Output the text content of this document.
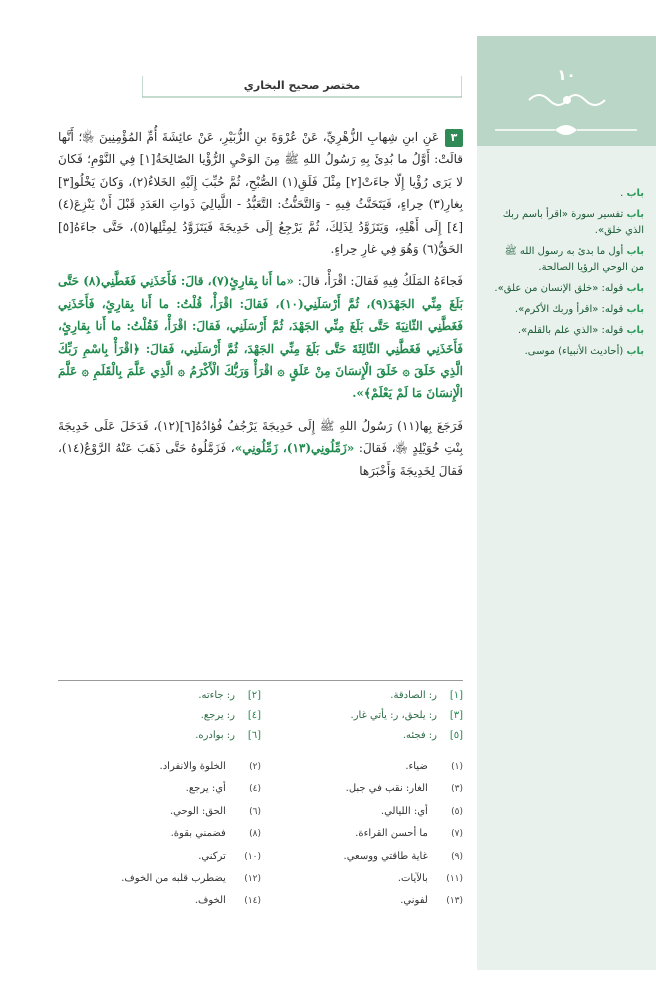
١٠
باب .
باب تفسير سورة «اقرأ باسم ربك الذي خلق».
باب أول ما بدئ به رسول الله ﷺ من الوحي الرؤيا الصالحة.
باب قوله: «خلق الإنسان من علق».
باب قوله: «اقرأ وربك الأكرم».
باب قوله: «الذي علم بالقلم».
باب (أحاديث الأنبياء) موسى.
مختصر صحيح البخاري

٣عَنِ ابنِ شِهابِ الزُّهْرِيِّ، عَنْ عُرْوَةَ بنِ الزُّبَيْرِ، عَنْ عائِشَةَ أُمِّ المُؤْمِنِينَ ﵂؛ أَنَّها قالَتْ: أَوَّلُ ما بُدِئَ بِهِ رَسُولُ اللهِ ﷺ مِنَ الوَحْيِ الرُّؤْيا الصّالِحَةُ[١] فِي النَّوْمِ؛ فَكانَ لا يَرَى رُؤْيا إِلّا جاءَتْ[٢] مِثْلَ فَلَقِ(١) الصُّبْحِ، ثُمَّ حُبِّبَ إِلَيْهِ الخَلاءُ(٢)، وَكانَ يَخْلُو[٣] بِغارِ(٣) حِراءٍ، فَيَتَحَنَّثُ فِيهِ - وَالتَّحَنُّثُ: التَّعَبُّدُ - اللَّيالِيَ ذَواتِ العَدَدِ قَبْلَ أَنْ يَنْزِعَ(٤)[٤] إِلَى أَهْلِهِ، وَيَتَزَوَّدُ لِذَلِكَ، ثُمَّ يَرْجِعُ إِلَى خَدِيجَةَ فَيَتَزَوَّدُ لِمِثْلِها(٥)، حَتَّى جاءَهُ[٥] الحَقُّ(٦) وَهُوَ فِي غارِ حِراءٍ.

فَجاءَهُ المَلَكُ فِيهِ فَقالَ: اقْرَأْ، قالَ: «ما أَنا بِقارِئٍ(٧)، قالَ: فَأَخَذَنِي فَغَطَّنِي(٨) حَتَّى بَلَغَ مِنِّي الجَهْدَ(٩)، ثُمَّ أَرْسَلَنِي(١٠)، فَقالَ: اقْرَأْ، قُلْتُ: ما أَنا بِقارِئٍ، فَأَخَذَنِي فَغَطَّنِي الثّانِيَةَ حَتَّى بَلَغَ مِنِّي الجَهْدَ، ثُمَّ أَرْسَلَنِي، فَقالَ: اقْرَأْ، فَقُلْتُ: ما أَنا بِقارِئٍ، فَأَخَذَنِي فَغَطَّنِي الثّالِثَةَ حَتَّى بَلَغَ مِنِّي الجَهْدَ، ثُمَّ أَرْسَلَنِي، فَقالَ: ﴿اقْرَأْ بِاسْمِ رَبِّكَ الَّذِي خَلَقَ ۞ خَلَقَ الْإِنسَانَ مِنْ عَلَقٍ ۞ اقْرَأْ وَرَبُّكَ الْأَكْرَمُ ۞ الَّذِي عَلَّمَ بِالْقَلَمِ ۞ عَلَّمَ الْإِنسَانَ مَا لَمْ يَعْلَمْ﴾».

فَرَجَعَ بِها(١١) رَسُولُ اللهِ ﷺ إِلَى خَدِيجَةَ يَرْجُفُ فُؤادُهُ[٦](١٢)، فَدَخَلَ عَلَى خَدِيجَةَ بِنْتِ خُوَيْلِدٍ ﵂، فَقالَ: «زَمِّلُونِي(١٣)، زَمِّلُونِي»، فَزَمَّلُوهُ حَتَّى ذَهَبَ عَنْهُ الرَّوْعُ(١٤)، فَقالَ لِخَدِيجَةَ وَأَخْبَرَها

[١]
ر: الصادقة.
[٢]
ر: جاءته.
[٣]
ر: يلحق، ر: يأتي غار.
[٤]
ر: يرجع.
[٥]
ر: فجئه.
[٦]
ر: بوادره.
(١)

ضياء.
(٢)

الخلوة والانفراد.
(٣)

الغار: نقب في جبل.
(٤)

أي: يرجع.
(٥)

أي: الليالي.
(٦)

الحق: الوحي.
(٧)

ما أحسن القراءة.
(٨)

فضمني بقوة.
(٩)

غاية طاقتي ووسعي.
(١٠)

تركني.
(١١)

بالآيات.
(١٢)

يضطرب قلبه من الخوف.
(١٣)

لفوني.
(١٤)

الخوف.
